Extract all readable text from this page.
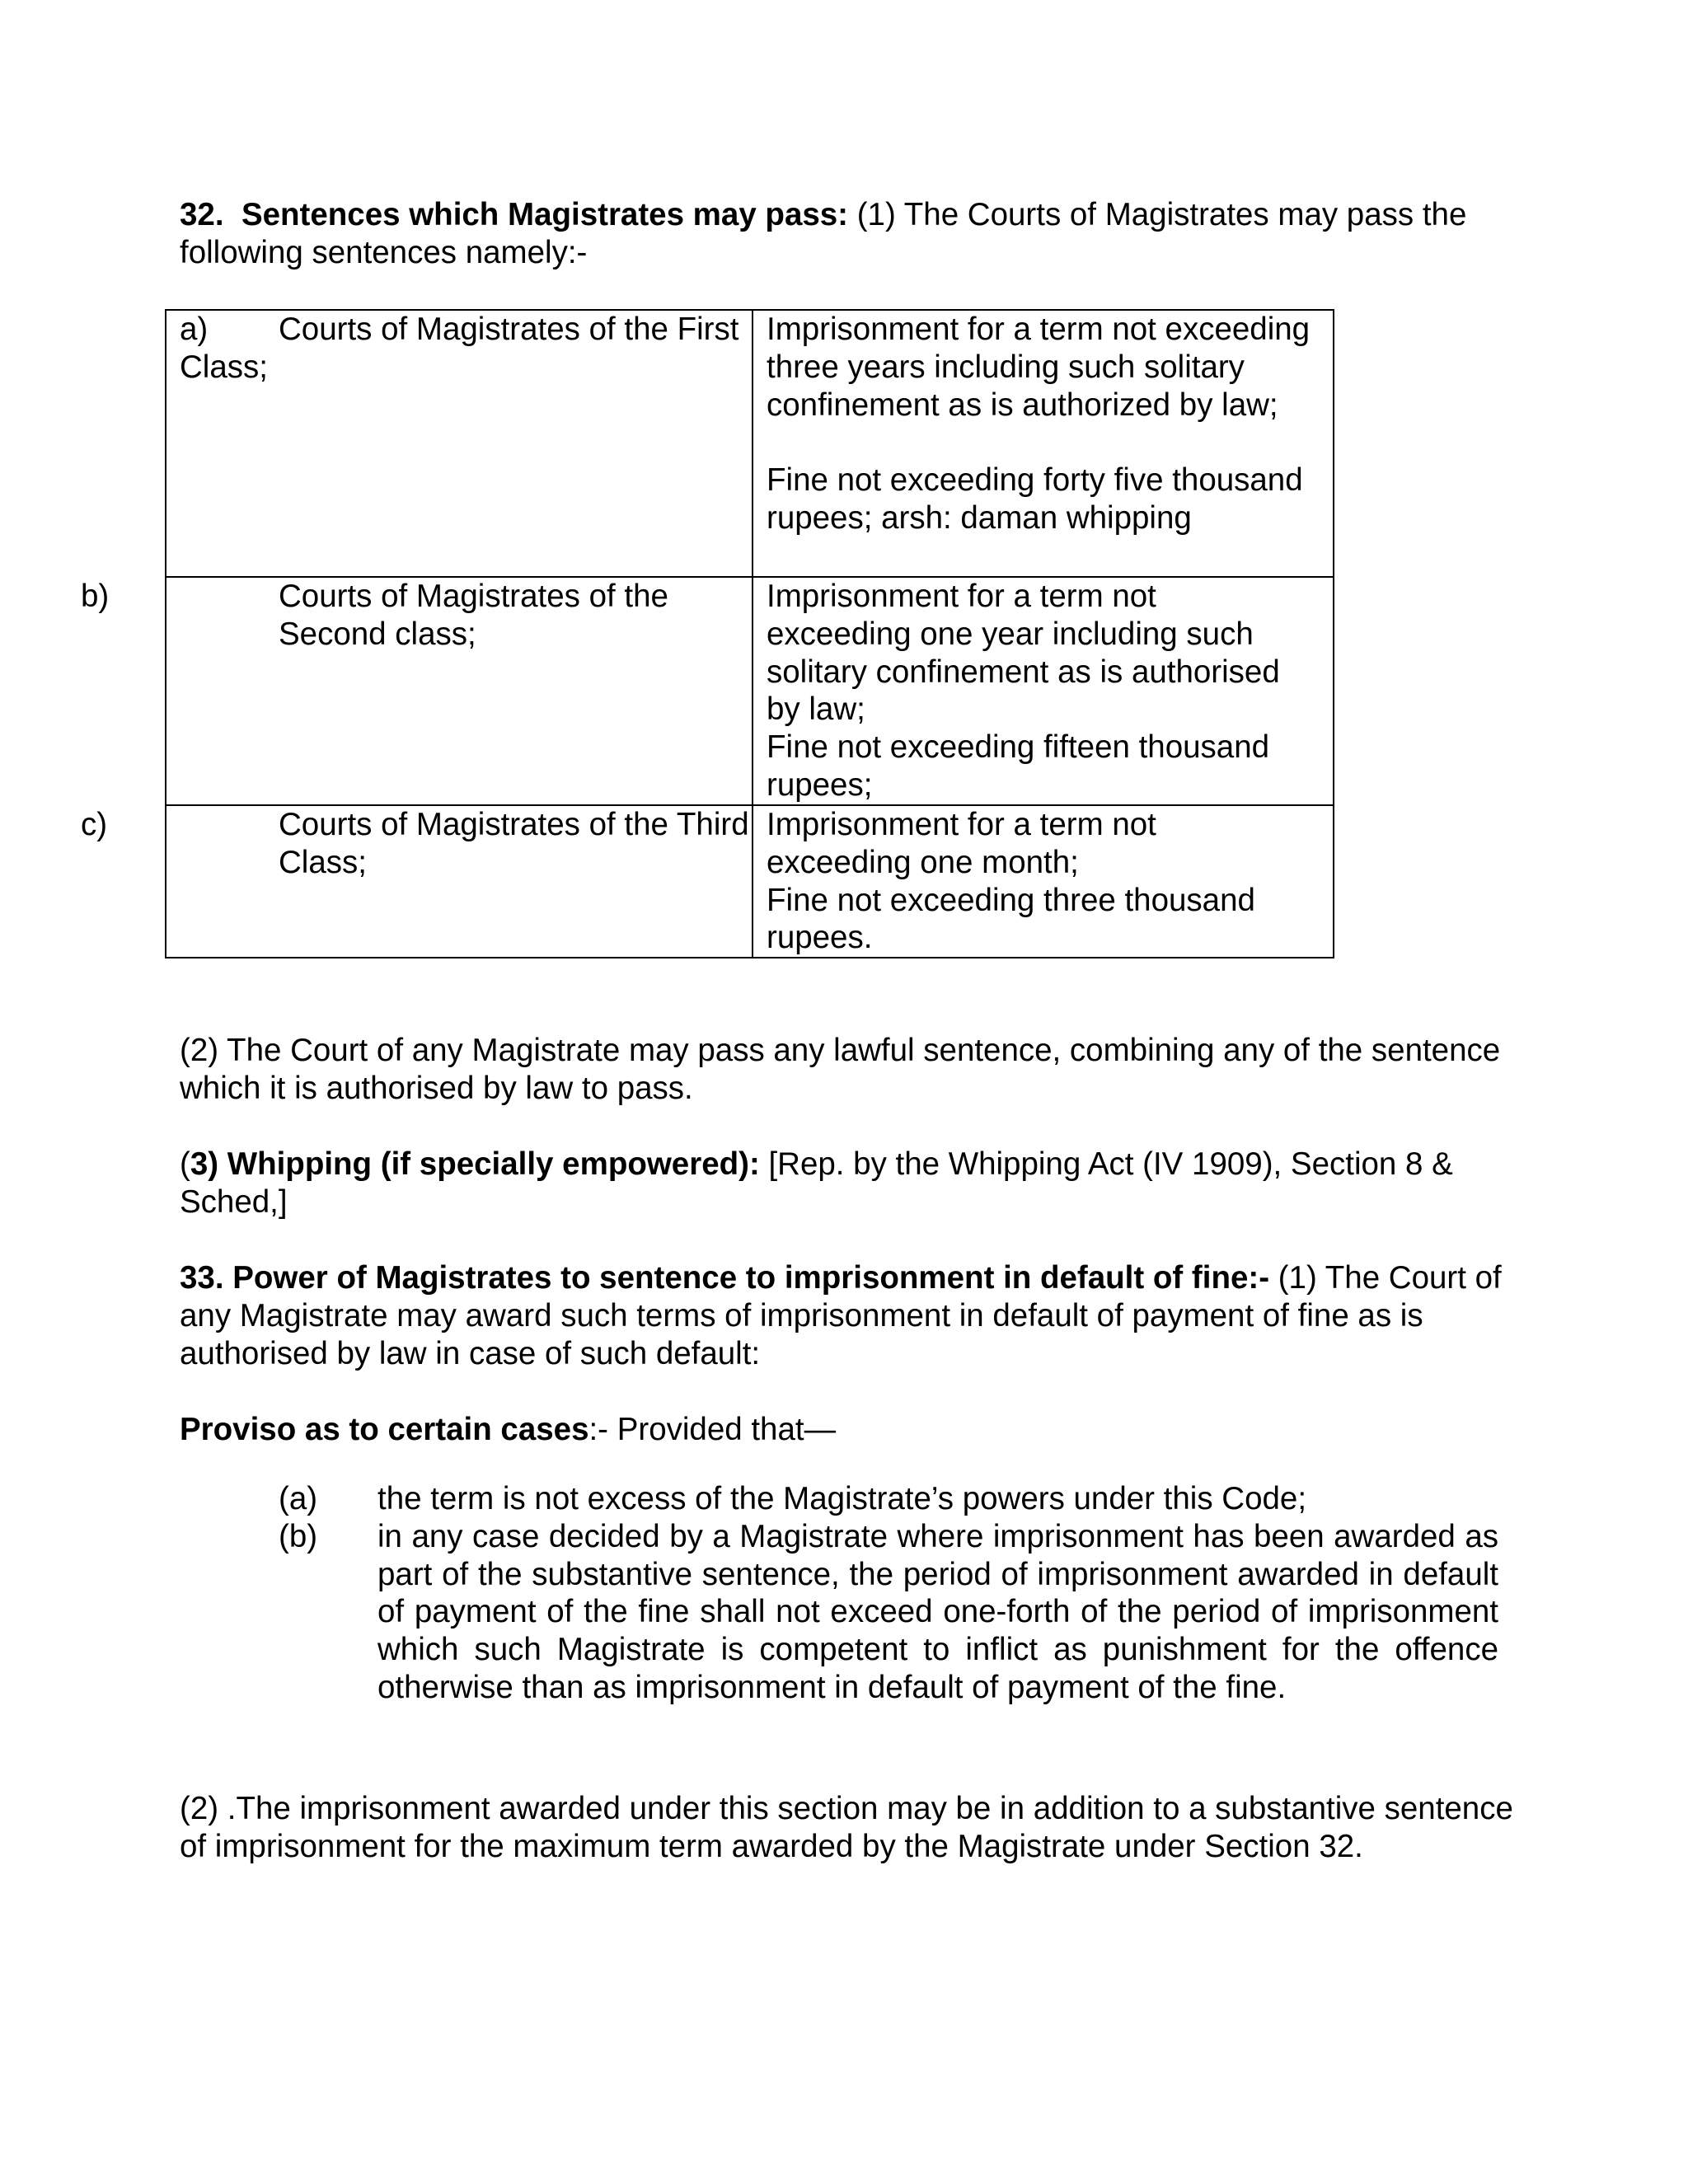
32. Sentences which Magistrates may pass: (1) The Courts of Magistrates may pass the following sentences namely:-

a) Courts of Magistrates of the First Class;	Imprisonment for a term not exceeding three years including such solitary confinement as is authorized by law;
Fine not exceeding forty five thousand rupees; arsh: daman whipping

b) Courts of Magistrates of the Second class;	Imprisonment for a term not exceeding one year including such solitary confinement as is authorised by law;
Fine not exceeding fifteen thousand rupees;

c) Courts of Magistrates of the Third Class;	Imprisonment for a term not exceeding one month;
Fine not exceeding three thousand rupees.

(2) The Court of any Magistrate may pass any lawful sentence, combining any of the sentence which it is authorised by law to pass.

(3) Whipping (if specially empowered): [Rep. by the Whipping Act (IV 1909), Section 8 & Sched,]

33. Power of Magistrates to sentence to imprisonment in default of fine:- (1) The Court of any Magistrate may award such terms of imprisonment in default of payment of fine as is authorised by law in case of such default:

Proviso as to certain cases:- Provided that—

(a)	the term is not excess of the Magistrate’s powers under this Code;
(b)	in any case decided by a Magistrate where imprisonment has been awarded as part of the substantive sentence, the period of imprisonment awarded in default of payment of the fine shall not exceed one-forth of the period of imprisonment which such Magistrate is competent to inflict as punishment for the offence otherwise than as imprisonment in default of payment of the fine.

(2) .The imprisonment awarded under this section may be in addition to a substantive sentence of imprisonment for the maximum term awarded by the Magistrate under Section 32.
